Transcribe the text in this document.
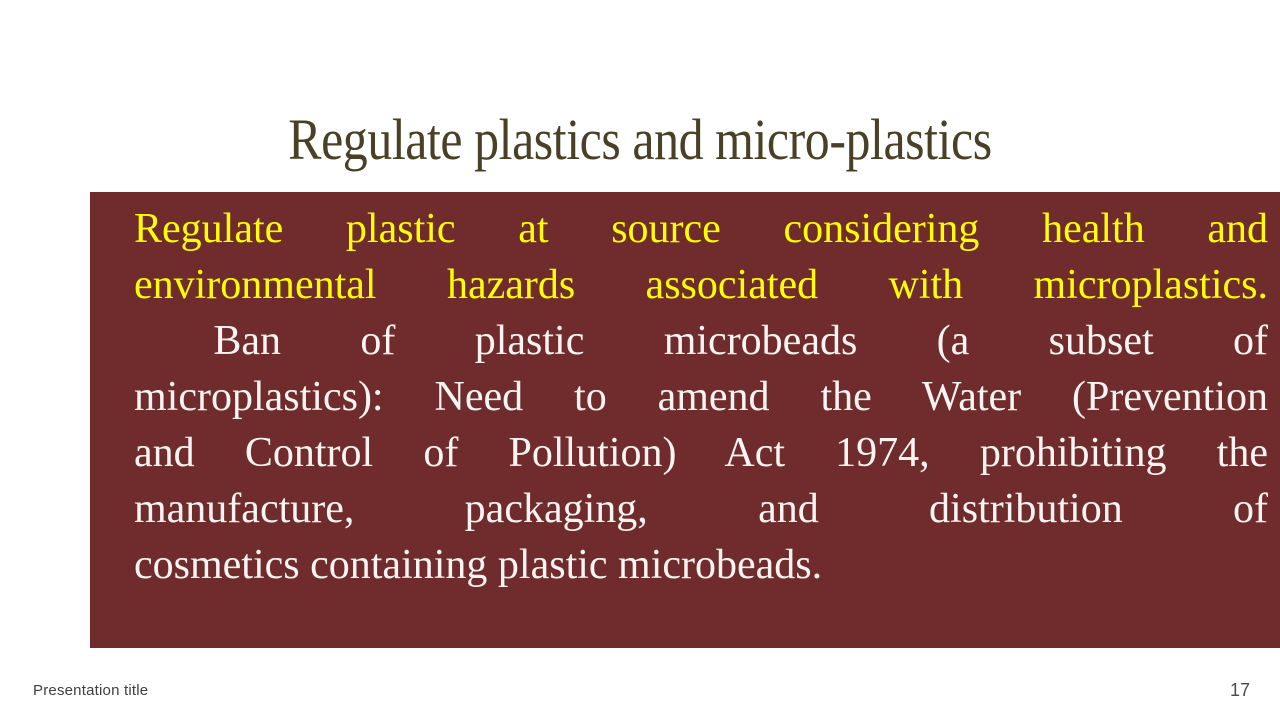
Regulate plastics and micro-plastics
Regulate plastic at source considering health and
environmental hazards associated with microplastics.
Ban of plastic microbeads (a subset of
microplastics): Need to amend the Water (Prevention
and Control of Pollution) Act 1974, prohibiting the
manufacture, packaging, and distribution of
cosmetics containing plastic microbeads.
Presentation title	17
